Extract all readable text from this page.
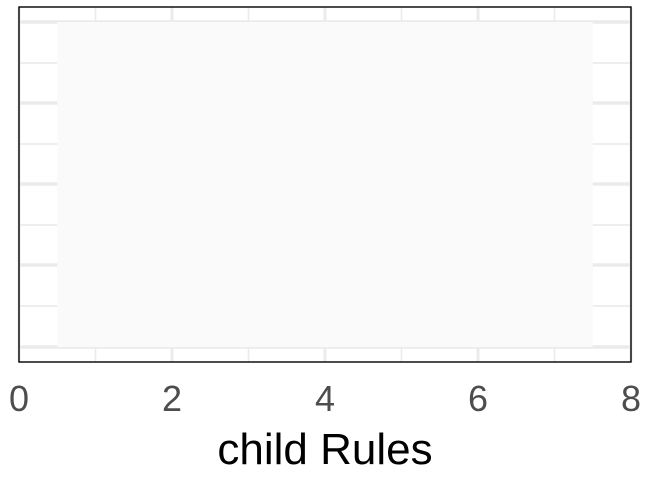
0	2	4	6	8
child Rules
